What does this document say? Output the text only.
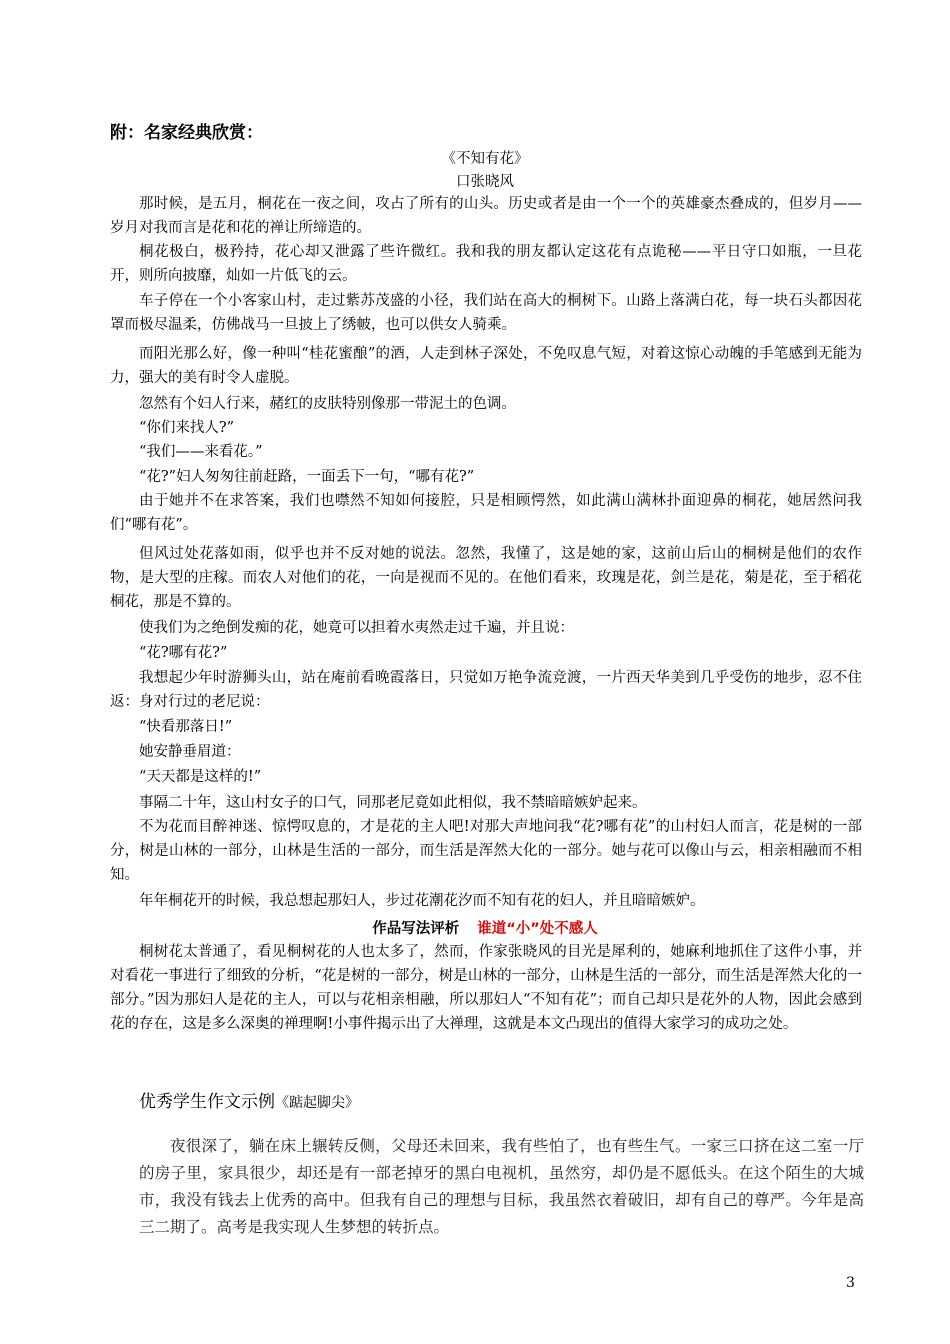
附：名家经典欣赏：
《不知有花》
口张晓风

那时候，是五月，桐花在一夜之间，攻占了所有的山头。历史或者是由一个一个的英雄豪杰叠成的，但岁月——岁月对我而言是花和花的禅让所缔造的。

桐花极白，极矜持，花心却又泄露了些许微红。我和我的朋友都认定这花有点诡秘——平日守口如瓶，一旦花开，则所向披靡，灿如一片低飞的云。

车子停在一个小客家山村，走过紫苏茂盛的小径，我们站在高大的桐树下。山路上落满白花，每一块石头都因花罩而极尽温柔，仿佛战马一旦披上了绣帔，也可以供女人骑乘。

而阳光那么好，像一种叫“桂花蜜酿”的酒，人走到林子深处，不免叹息气短，对着这惊心动魄的手笔感到无能为力，强大的美有时令人虚脱。

忽然有个妇人行来，赭红的皮肤特别像那一带泥土的色调。

“你们来找人?”

“我们——来看花。”

“花?”妇人匆匆往前赶路，一面丢下一句，“哪有花?”

由于她并不在求答案，我们也噤然不知如何接腔，只是相顾愕然，如此满山满林扑面迎鼻的桐花，她居然问我们“哪有花”。

但风过处花落如雨，似乎也并不反对她的说法。忽然，我懂了，这是她的家，这前山后山的桐树是他们的农作物，是大型的庄稼。而农人对他们的花，一向是视而不见的。在他们看来，玫瑰是花，剑兰是花，菊是花，至于稻花桐花，那是不算的。

使我们为之绝倒发痴的花，她竟可以担着水夷然走过千遍，并且说：

“花?哪有花?”

我想起少年时游狮头山，站在庵前看晚霞落日，只觉如万艳争流竞渡，一片西天华美到几乎受伤的地步，忍不住返：身对行过的老尼说：

“快看那落日!”

她安静垂眉道：

“天天都是这样的!”

事隔二十年，这山村女子的口气，同那老尼竟如此相似，我不禁暗暗嫉妒起来。

不为花而目醉神迷、惊愕叹息的，才是花的主人吧!对那大声地问我“花?哪有花”的山村妇人而言，花是树的一部分，树是山林的一部分，山林是生活的一部分，而生活是浑然大化的一部分。她与花可以像山与云，相亲相融而不相知。

年年桐花开的时候，我总想起那妇人，步过花潮花汐而不知有花的妇人，并且暗暗嫉妒。

作品写法评析 谁道“小”处不感人

桐树花太普通了，看见桐树花的人也太多了，然而，作家张晓风的目光是犀利的，她麻利地抓住了这件小事，并对看花一事进行了细致的分析，“花是树的一部分，树是山林的一部分，山林是生活的一部分，而生活是浑然大化的一部分。”因为那妇人是花的主人，可以与花相亲相融，所以那妇人“不知有花”；而自己却只是花外的人物，因此会感到花的存在，这是多么深奥的禅理啊!小事件揭示出了大禅理，这就是本文凸现出的值得大家学习的成功之处。

优秀学生作文示例《踮起脚尖》

夜很深了，躺在床上辗转反侧，父母还未回来，我有些怕了，也有些生气。一家三口挤在这二室一厅的房子里，家具很少，却还是有一部老掉牙的黑白电视机，虽然穷，却仍是不愿低头。在这个陌生的大城市，我没有钱去上优秀的高中。但我有自己的理想与目标，我虽然衣着破旧，却有自己的尊严。今年是高三二期了。高考是我实现人生梦想的转折点。

3
